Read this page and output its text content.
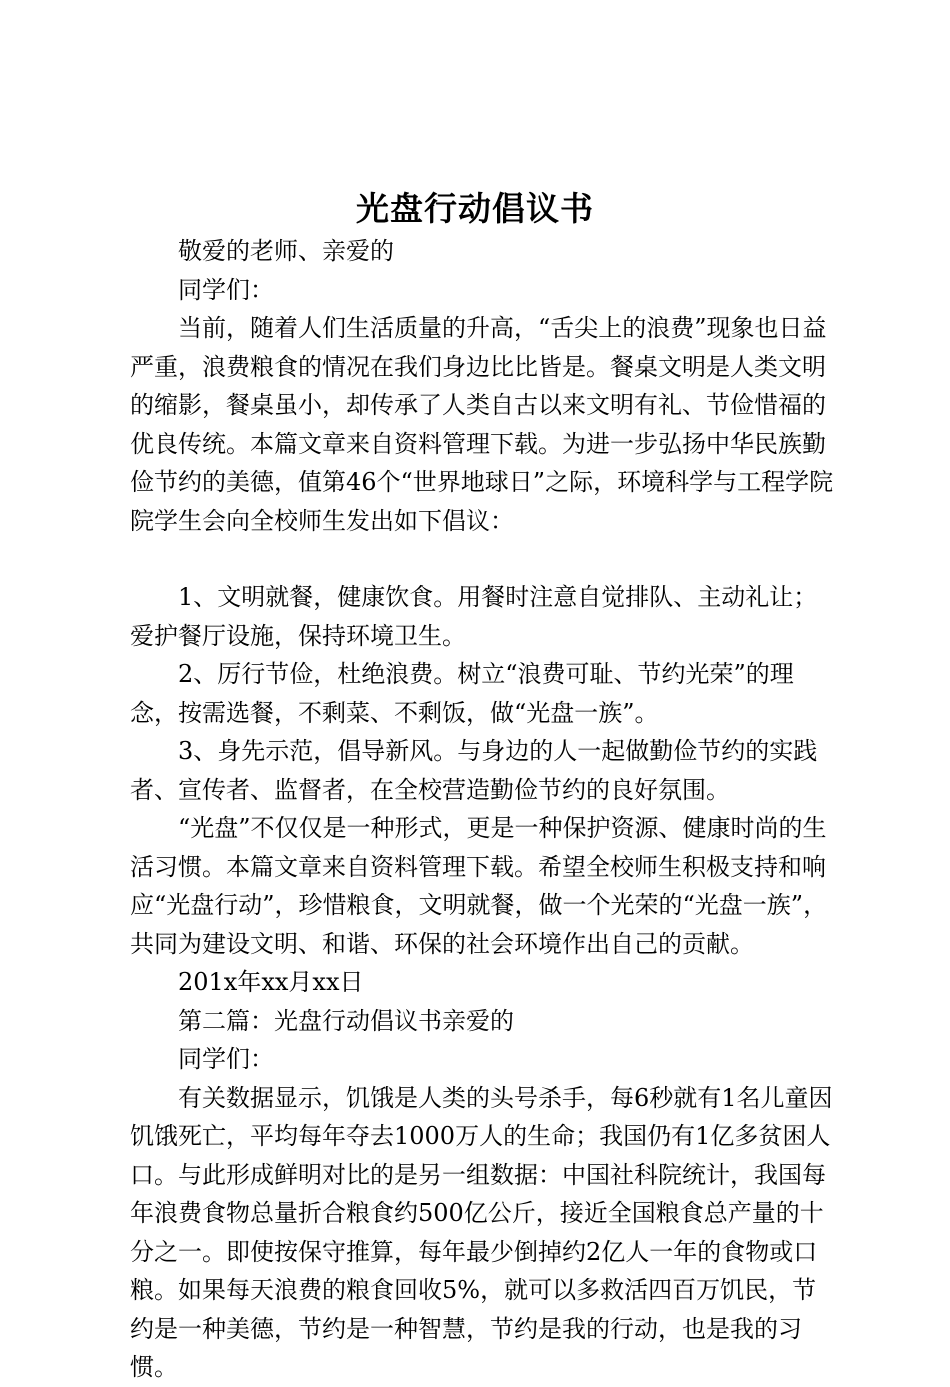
光盘行动倡议书

敬爱的老师、亲爱的

同学们：

当前，随着人们生活质量的升高，“舌尖上的浪费”现象也日益严重，浪费粮食的情况在我们身边比比皆是。餐桌文明是人类文明的缩影，餐桌虽小，却传承了人类自古以来文明有礼、节俭惜福的优良传统。本篇文章来自资料管理下载。为进一步弘扬中华民族勤俭节约的美德，值第46个“世界地球日”之际，环境科学与工程学院院学生会向全校师生发出如下倡议：

1、文明就餐，健康饮食。用餐时注意自觉排队、主动礼让；爱护餐厅设施，保持环境卫生。

2、厉行节俭，杜绝浪费。树立“浪费可耻、节约光荣”的理念，按需选餐，不剩菜、不剩饭，做“光盘一族”。

3、身先示范，倡导新风。与身边的人一起做勤俭节约的实践者、宣传者、监督者，在全校营造勤俭节约的良好氛围。

“光盘”不仅仅是一种形式，更是一种保护资源、健康时尚的生活习惯。本篇文章来自资料管理下载。希望全校师生积极支持和响应“光盘行动”，珍惜粮食，文明就餐，做一个光荣的“光盘一族”，共同为建设文明、和谐、环保的社会环境作出自己的贡献。

201x年xx月xx日

第二篇：光盘行动倡议书亲爱的

同学们：

有关数据显示，饥饿是人类的头号杀手，每6秒就有1名儿童因饥饿死亡，平均每年夺去1000万人的生命；我国仍有1亿多贫困人口。与此形成鲜明对比的是另一组数据：中国社科院统计，我国每年浪费食物总量折合粮食约500亿公斤，接近全国粮食总产量的十分之一。即使按保守推算，每年最少倒掉约2亿人一年的食物或口粮。如果每天浪费的粮食回收5%，就可以多救活四百万饥民，节约是一种美德，节约是一种智慧，节约是我的行动，也是我的习惯。
